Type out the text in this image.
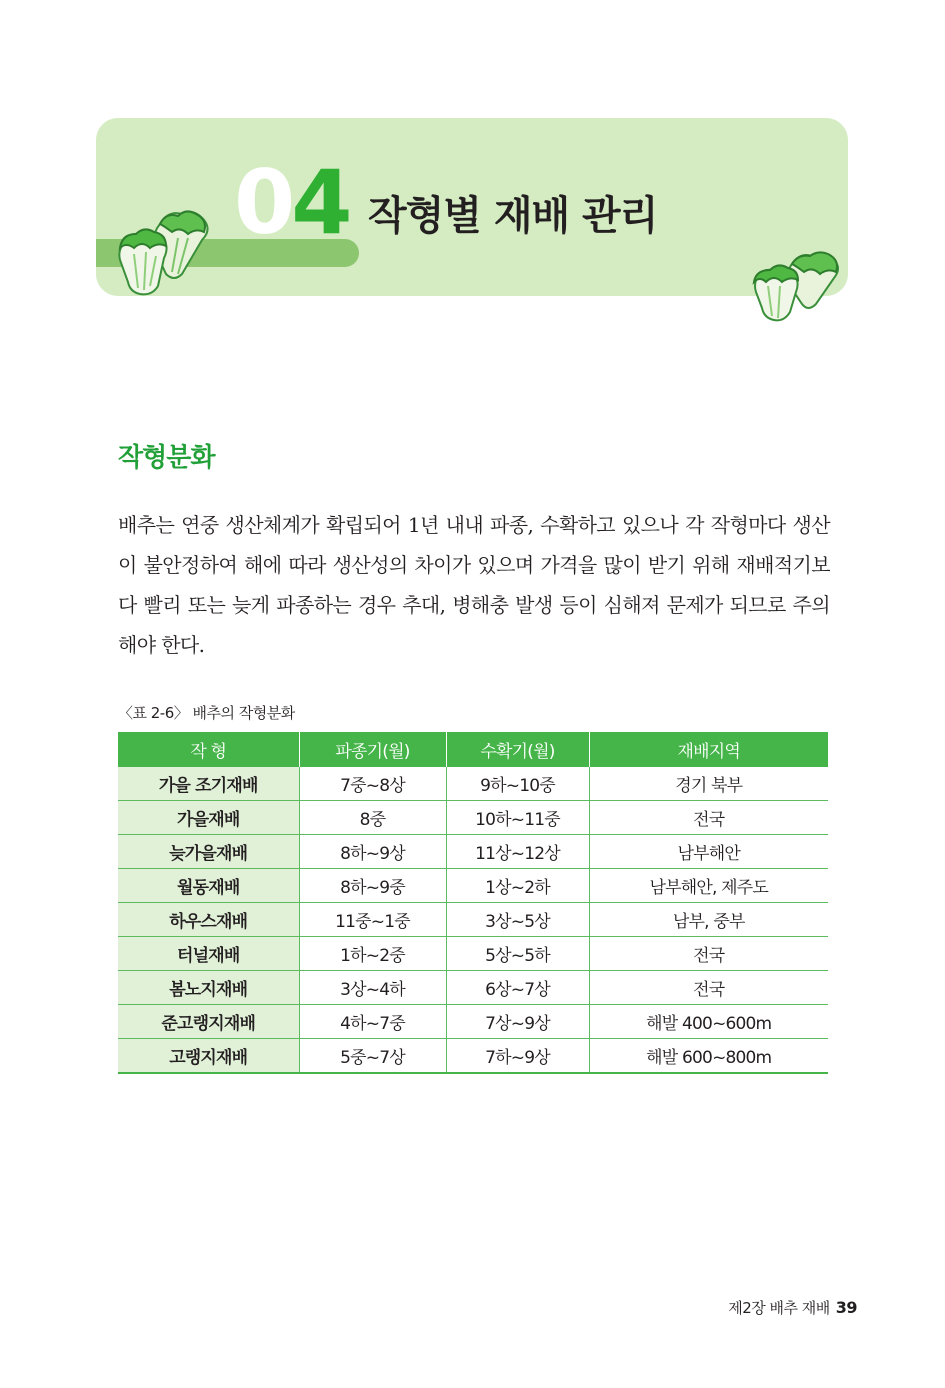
04 작형별 재배 관리
작형분화
배추는 연중 생산체계가 확립되어 1년 내내 파종, 수확하고 있으나 각 작형마다 생산이 불안정하여 해에 따라 생산성의 차이가 있으며 가격을 많이 받기 위해 재배적기보다 빨리 또는 늦게 파종하는 경우 추대, 병해충 발생 등이 심해져 문제가 되므로 주의해야 한다.
〈표 2-6〉 배추의 작형분화
작 형	파종기(월)	수확기(월)	재배지역
가을 조기재배	7중~8상	9하~10중	경기 북부
가을재배	8중	10하~11중	전국
늦가을재배	8하~9상	11상~12상	남부해안
월동재배	8하~9중	1상~2하	남부해안, 제주도
하우스재배	11중~1중	3상~5상	남부, 중부
터널재배	1하~2중	5상~5하	전국
봄노지재배	3상~4하	6상~7상	전국
준고랭지재배	4하~7중	7상~9상	해발 400~600m
고랭지재배	5중~7상	7하~9상	해발 600~800m
제2장 배추 재배 39
